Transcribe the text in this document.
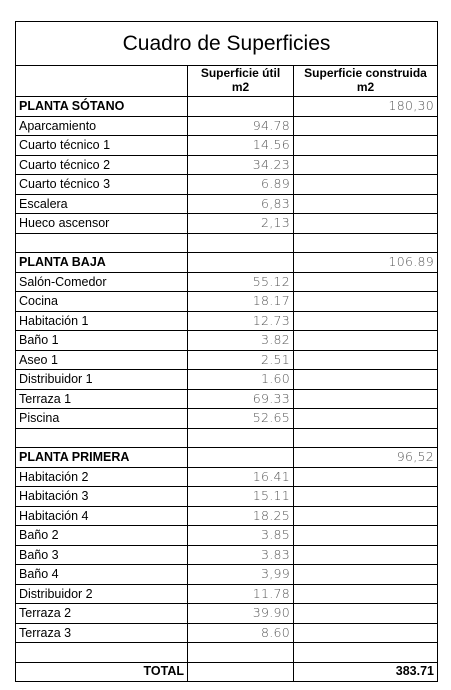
Cuadro de Superficies		
	Superficie útil m2	Superficie construida m2
PLANTA SÓTANO		180,30
Aparcamiento	94.78	
Cuarto técnico 1	14.56	
Cuarto técnico 2	34.23	
Cuarto técnico 3	6.89	
Escalera	6,83	
Hueco ascensor	2,13	

PLANTA BAJA		106.89
Salón-Comedor	55.12	
Cocina	18.17	
Habitación 1	12.73	
Baño 1	3.82	
Aseo 1	2.51	
Distribuidor 1	1.60	
Terraza 1	69.33	
Piscina	52.65	

PLANTA PRIMERA		96,52
Habitación 2	16.41	
Habitación 3	15.11	
Habitación 4	18.25	
Baño 2	3.85	
Baño 3	3.83	
Baño 4	3,99	
Distribuidor 2	11.78	
Terraza 2	39.90	
Terraza 3	8.60	

TOTAL		383.71
